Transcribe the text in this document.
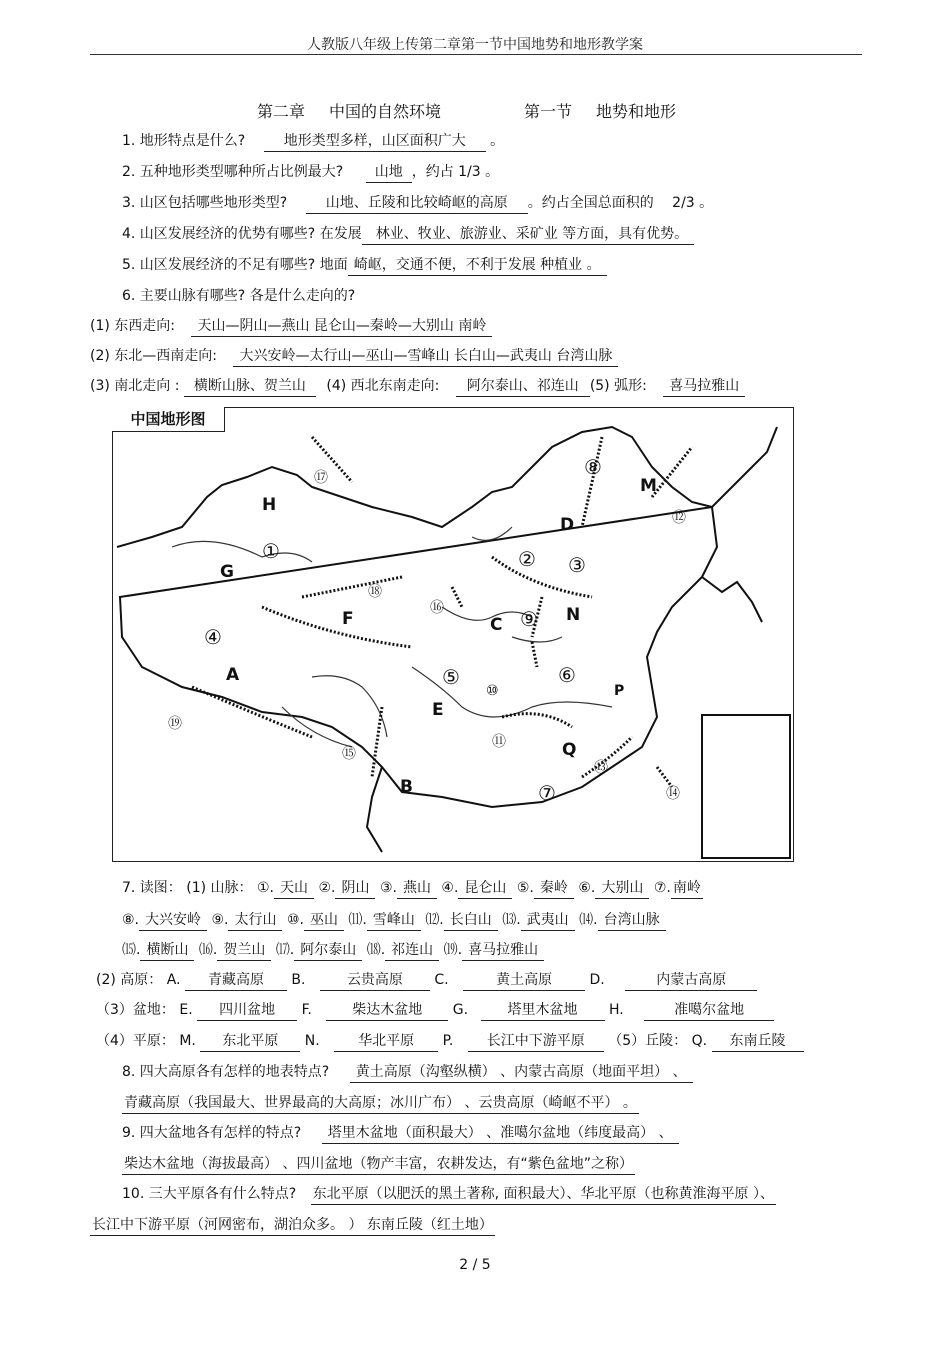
人教版八年级上传第二章第一节中国地势和地形教学案
第二章 中国的自然环境	第一节 地势和地形
1. 地形特点是什么?	地形类型多样，山区面积广大 。
2. 五种地形类型哪种所占比例最大? 山地 ，约占 1/3 。
3. 山区包括哪些地形类型?	山地、丘陵和比较崎岖的高原 。约占全国总面积的 2/3 。
4. 山区发展经济的优势有哪些? 在发展 林业、牧业、旅游业、采矿业 等方面，具有优势。
5. 山区发展经济的不足有哪些? 地面 崎岖，交通不便，不利于发展 种植业 。
6. 主要山脉有哪些? 各是什么走向的?
(1) 东西走向: 天山—阴山—燕山 昆仑山—秦岭—大别山 南岭
(2) 东北—西南走向: 大兴安岭—太行山—巫山—雪峰山 长白山—武夷山 台湾山脉
(3) 南北走向 : 横断山脉、贺兰山 (4) 西北东南走向: 阿尔泰山、祁连山 (5) 弧形: 喜马拉雅山
中国地形图
H
G
F
A
C
D
M
N
E
P
Q
B
⑰
⑱
⑯
①	② ③
④
⑤	⑥
⑦
⑧
⑨
⑩
⑪
⑫
⑬
⑭
⑮
⑲
7. 读图： (1) 山脉： ①. 天山 ②. 阴山 ③. 燕山 ④. 昆仑山 ⑤. 秦岭 ⑥. 大别山 ⑦. 南岭
⑧. 大兴安岭 ⑨. 太行山 ⑩. 巫山 ⑾. 雪峰山 ⑿. 长白山 ⒀. 武夷山 ⒁. 台湾山脉
⒂. 横断山 ⒃. 贺兰山 ⒄. 阿尔泰山 ⒅. 祁连山 ⒆. 喜马拉雅山
(2) 高原： A. 青藏高原 B.	云贵高原 C.	黄土高原	D.	内蒙古高原
（3）盆地： E. 四川盆地 F.	柴达木盆地 G.	塔里木盆地 H.	准噶尔盆地
（4）平原： M. 东北平原 N.	华北平原 P. 长江中下游平原 （5）丘陵： Q. 东南丘陵
8. 四大高原各有怎样的地表特点? 黄土高原（沟壑纵横） 、内蒙古高原（地面平坦） 、
青藏高原（我国最大、世界最高的大高原；冰川广布） 、云贵高原（崎岖不平） 。
9. 四大盆地各有怎样的特点? 塔里木盆地（面积最大） 、准噶尔盆地（纬度最高） 、
柴达木盆地（海拔最高） 、四川盆地（物产丰富，农耕发达，有“紫色盆地”之称）
10. 三大平原各有什么特点? 东北平原（以肥沃的黑土著称, 面积最大）、华北平原（也称黄淮海平原 ）、
长江中下游平原（河网密布，湖泊众多。 ） 东南丘陵（红土地）
2 / 5
